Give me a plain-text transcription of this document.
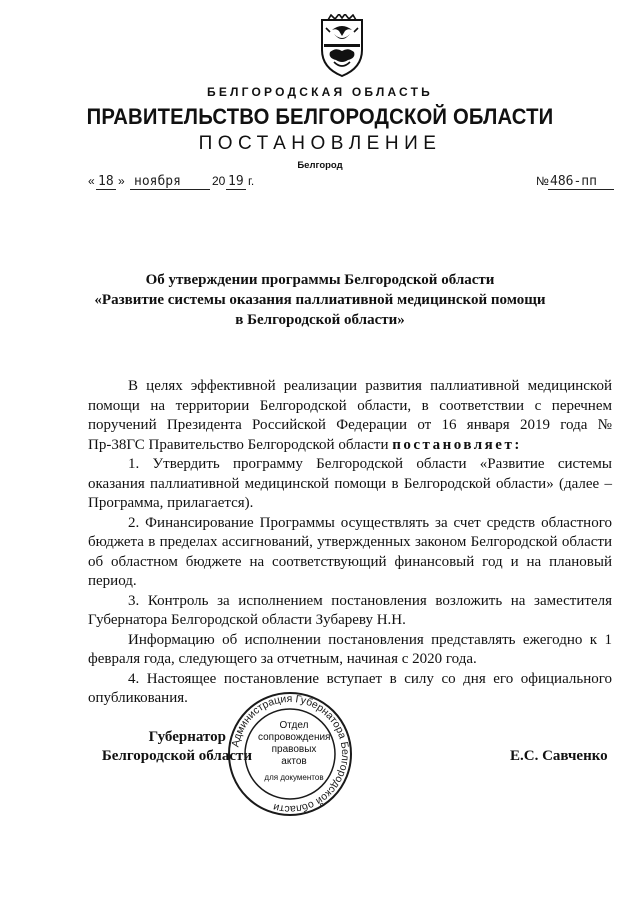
БЕЛГОРОДСКАЯ ОБЛАСТЬ
ПРАВИТЕЛЬСТВО БЕЛГОРОДСКОЙ ОБЛАСТИ
ПОСТАНОВЛЕНИЕ
Белгород
« 18 » ноября	20 19 г.	№ 486-пп
Об утверждении программы Белгородской области
«Развитие системы оказания паллиативной медицинской помощи
в Белгородской области»

В целях эффективной реализации развития паллиативной медицинской помощи на территории Белгородской области, в соответствии с перечнем поручений Президента Российской Федерации от 16 января 2019 года № Пр-38ГС Правительство Белгородской области постановляет:

1. Утвердить программу Белгородской области «Развитие системы оказания паллиативной медицинской помощи в Белгородской области» (далее – Программа, прилагается).

2. Финансирование Программы осуществлять за счет средств областного бюджета в пределах ассигнований, утвержденных законом Белгородской области об областном бюджете на соответствующий финансовый год и на плановый период.

3. Контроль за исполнением постановления возложить на заместителя Губернатора Белгородской области Зубареву Н.Н.

Информацию об исполнении постановления представлять ежегодно к 1 февраля года, следующего за отчетным, начиная с 2020 года.

4. Настоящее постановление вступает в силу со дня его официального опубликования.

Губернатор
Белгородской области	Е.С. Савченко
Администрация Губернатора Белгородской области
Отдел
сопровождения
правовых
актов
для документов
